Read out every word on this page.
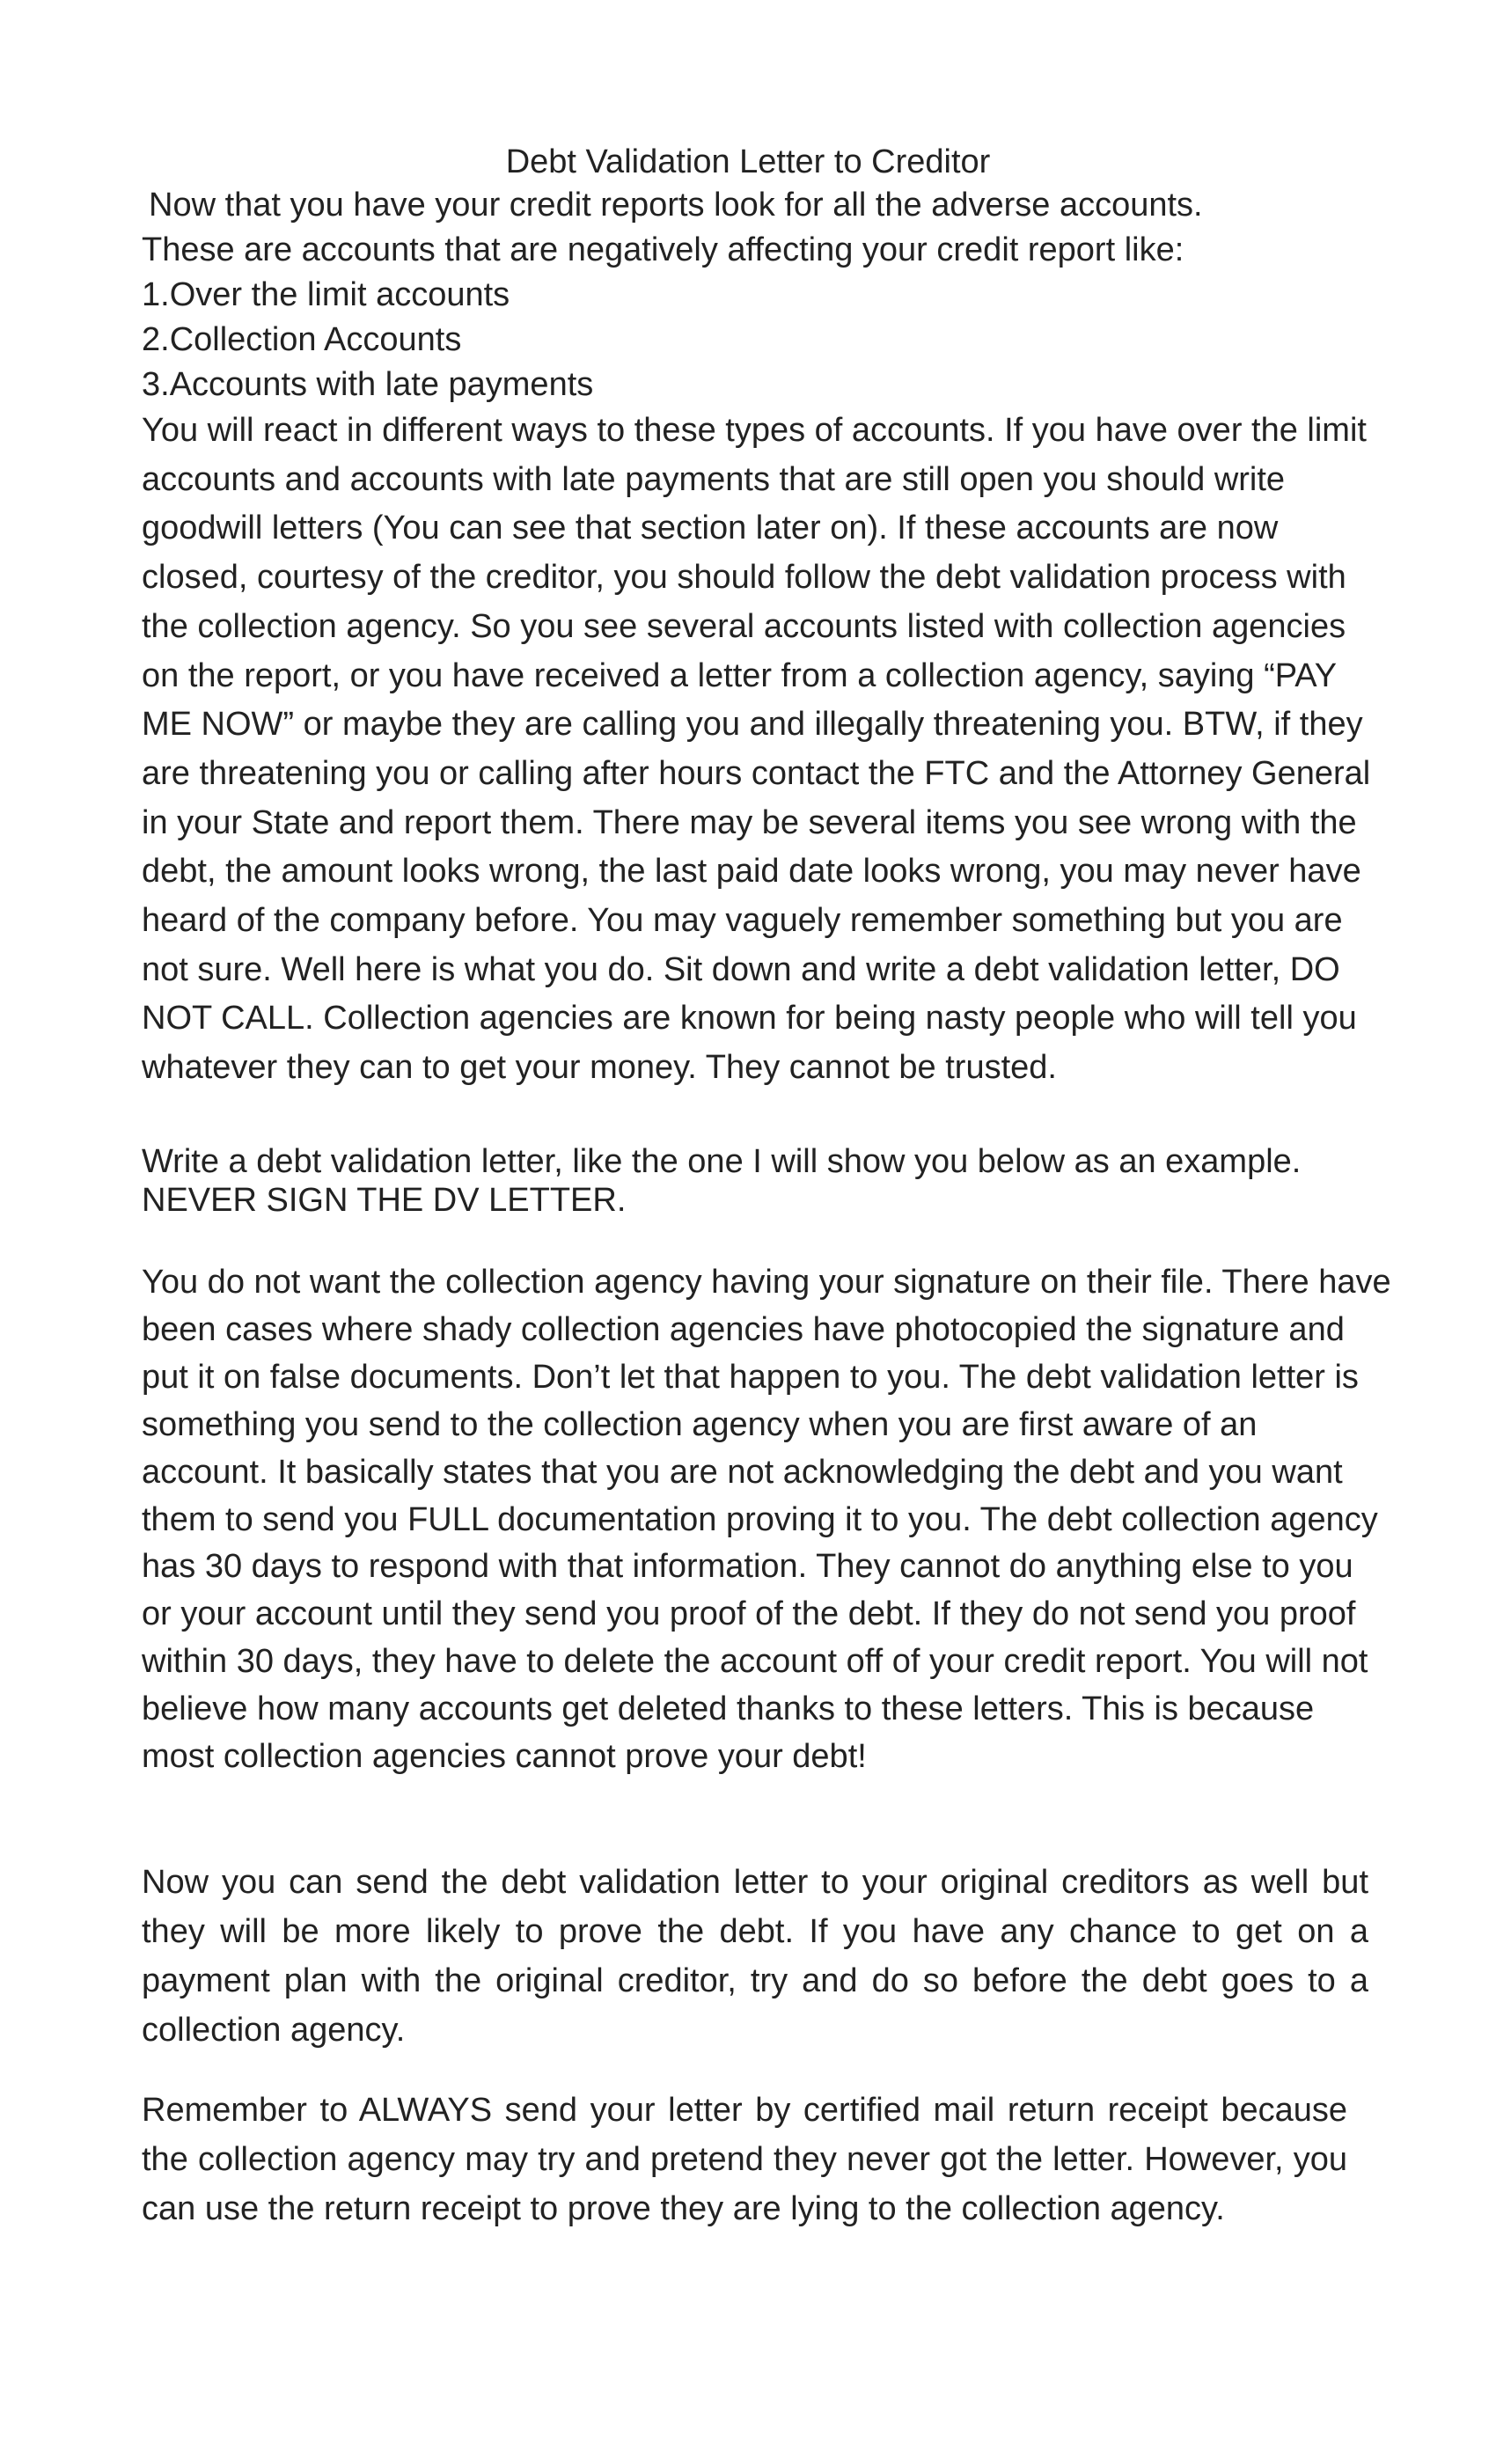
Debt Validation Letter to Creditor

Now that you have your credit reports look for all the adverse accounts.

These are accounts that are negatively affecting your credit report like:

1.Over the limit accounts

2.Collection Accounts

3.Accounts with late payments

You will react in different ways to these types of accounts. If you have over the limit accounts and accounts with late payments that are still open you should write goodwill letters (You can see that section later on). If these accounts are now closed, courtesy of the creditor, you should follow the debt validation process with the collection agency. So you see several accounts listed with collection agencies on the report, or you have received a letter from a collection agency, saying “PAY ME NOW” or maybe they are calling you and illegally threatening you. BTW, if they are threatening you or calling after hours contact the FTC and the Attorney General in your State and report them. There may be several items you see wrong with the debt, the amount looks wrong, the last paid date looks wrong, you may never have heard of the company before. You may vaguely remember something but you are not sure. Well here is what you do. Sit down and write a debt validation letter, DO NOT CALL. Collection agencies are known for being nasty people who will tell you whatever they can to get your money. They cannot be trusted.

Write a debt validation letter, like the one I will show you below as an example.

NEVER SIGN THE DV LETTER.

You do not want the collection agency having your signature on their file. There have been cases where shady collection agencies have photocopied the signature and put it on false documents. Don’t let that happen to you. The debt validation letter is something you send to the collection agency when you are first aware of an account. It basically states that you are not acknowledging the debt and you want them to send you FULL documentation proving it to you. The debt collection agency has 30 days to respond with that information. They cannot do anything else to you or your account until they send you proof of the debt. If they do not send you proof within 30 days, they have to delete the account off of your credit report. You will not believe how many accounts get deleted thanks to these letters. This is because most collection agencies cannot prove your debt!

Now you can send the debt validation letter to your original creditors as well but they will be more likely to prove the debt. If you have any chance to get on a payment plan with the original creditor, try and do so before the debt goes to a collection agency.

Remember to ALWAYS send your letter by certified mail return receipt because the collection agency may try and pretend they never got the letter. However, you can use the return receipt to prove they are lying to the collection agency.
